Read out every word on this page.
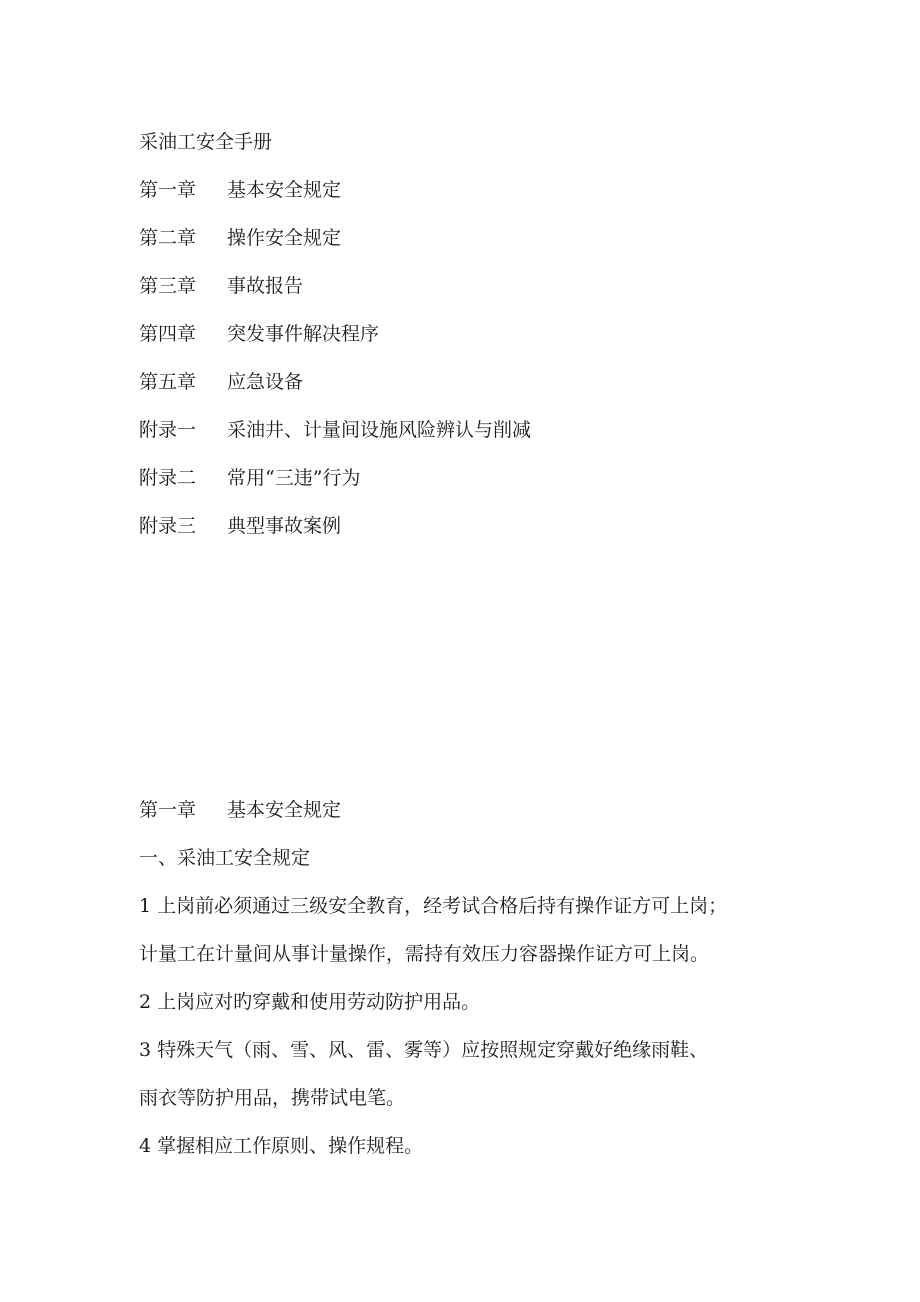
采油工安全手册
第一章 基本安全规定
第二章 操作安全规定
第三章 事故报告
第四章 突发事件解决程序
第五章 应急设备
附录一 采油井、计量间设施风险辨认与削减
附录二 常用“三违”行为
附录三 典型事故案例
第一章 基本安全规定
一、采油工安全规定
1 上岗前必须通过三级安全教育，经考试合格后持有操作证方可上岗；
计量工在计量间从事计量操作，需持有效压力容器操作证方可上岗。
2 上岗应对旳穿戴和使用劳动防护用品。
3 特殊天气（雨、雪、风、雷、雾等）应按照规定穿戴好绝缘雨鞋、
雨衣等防护用品，携带试电笔。
4 掌握相应工作原则、操作规程。
